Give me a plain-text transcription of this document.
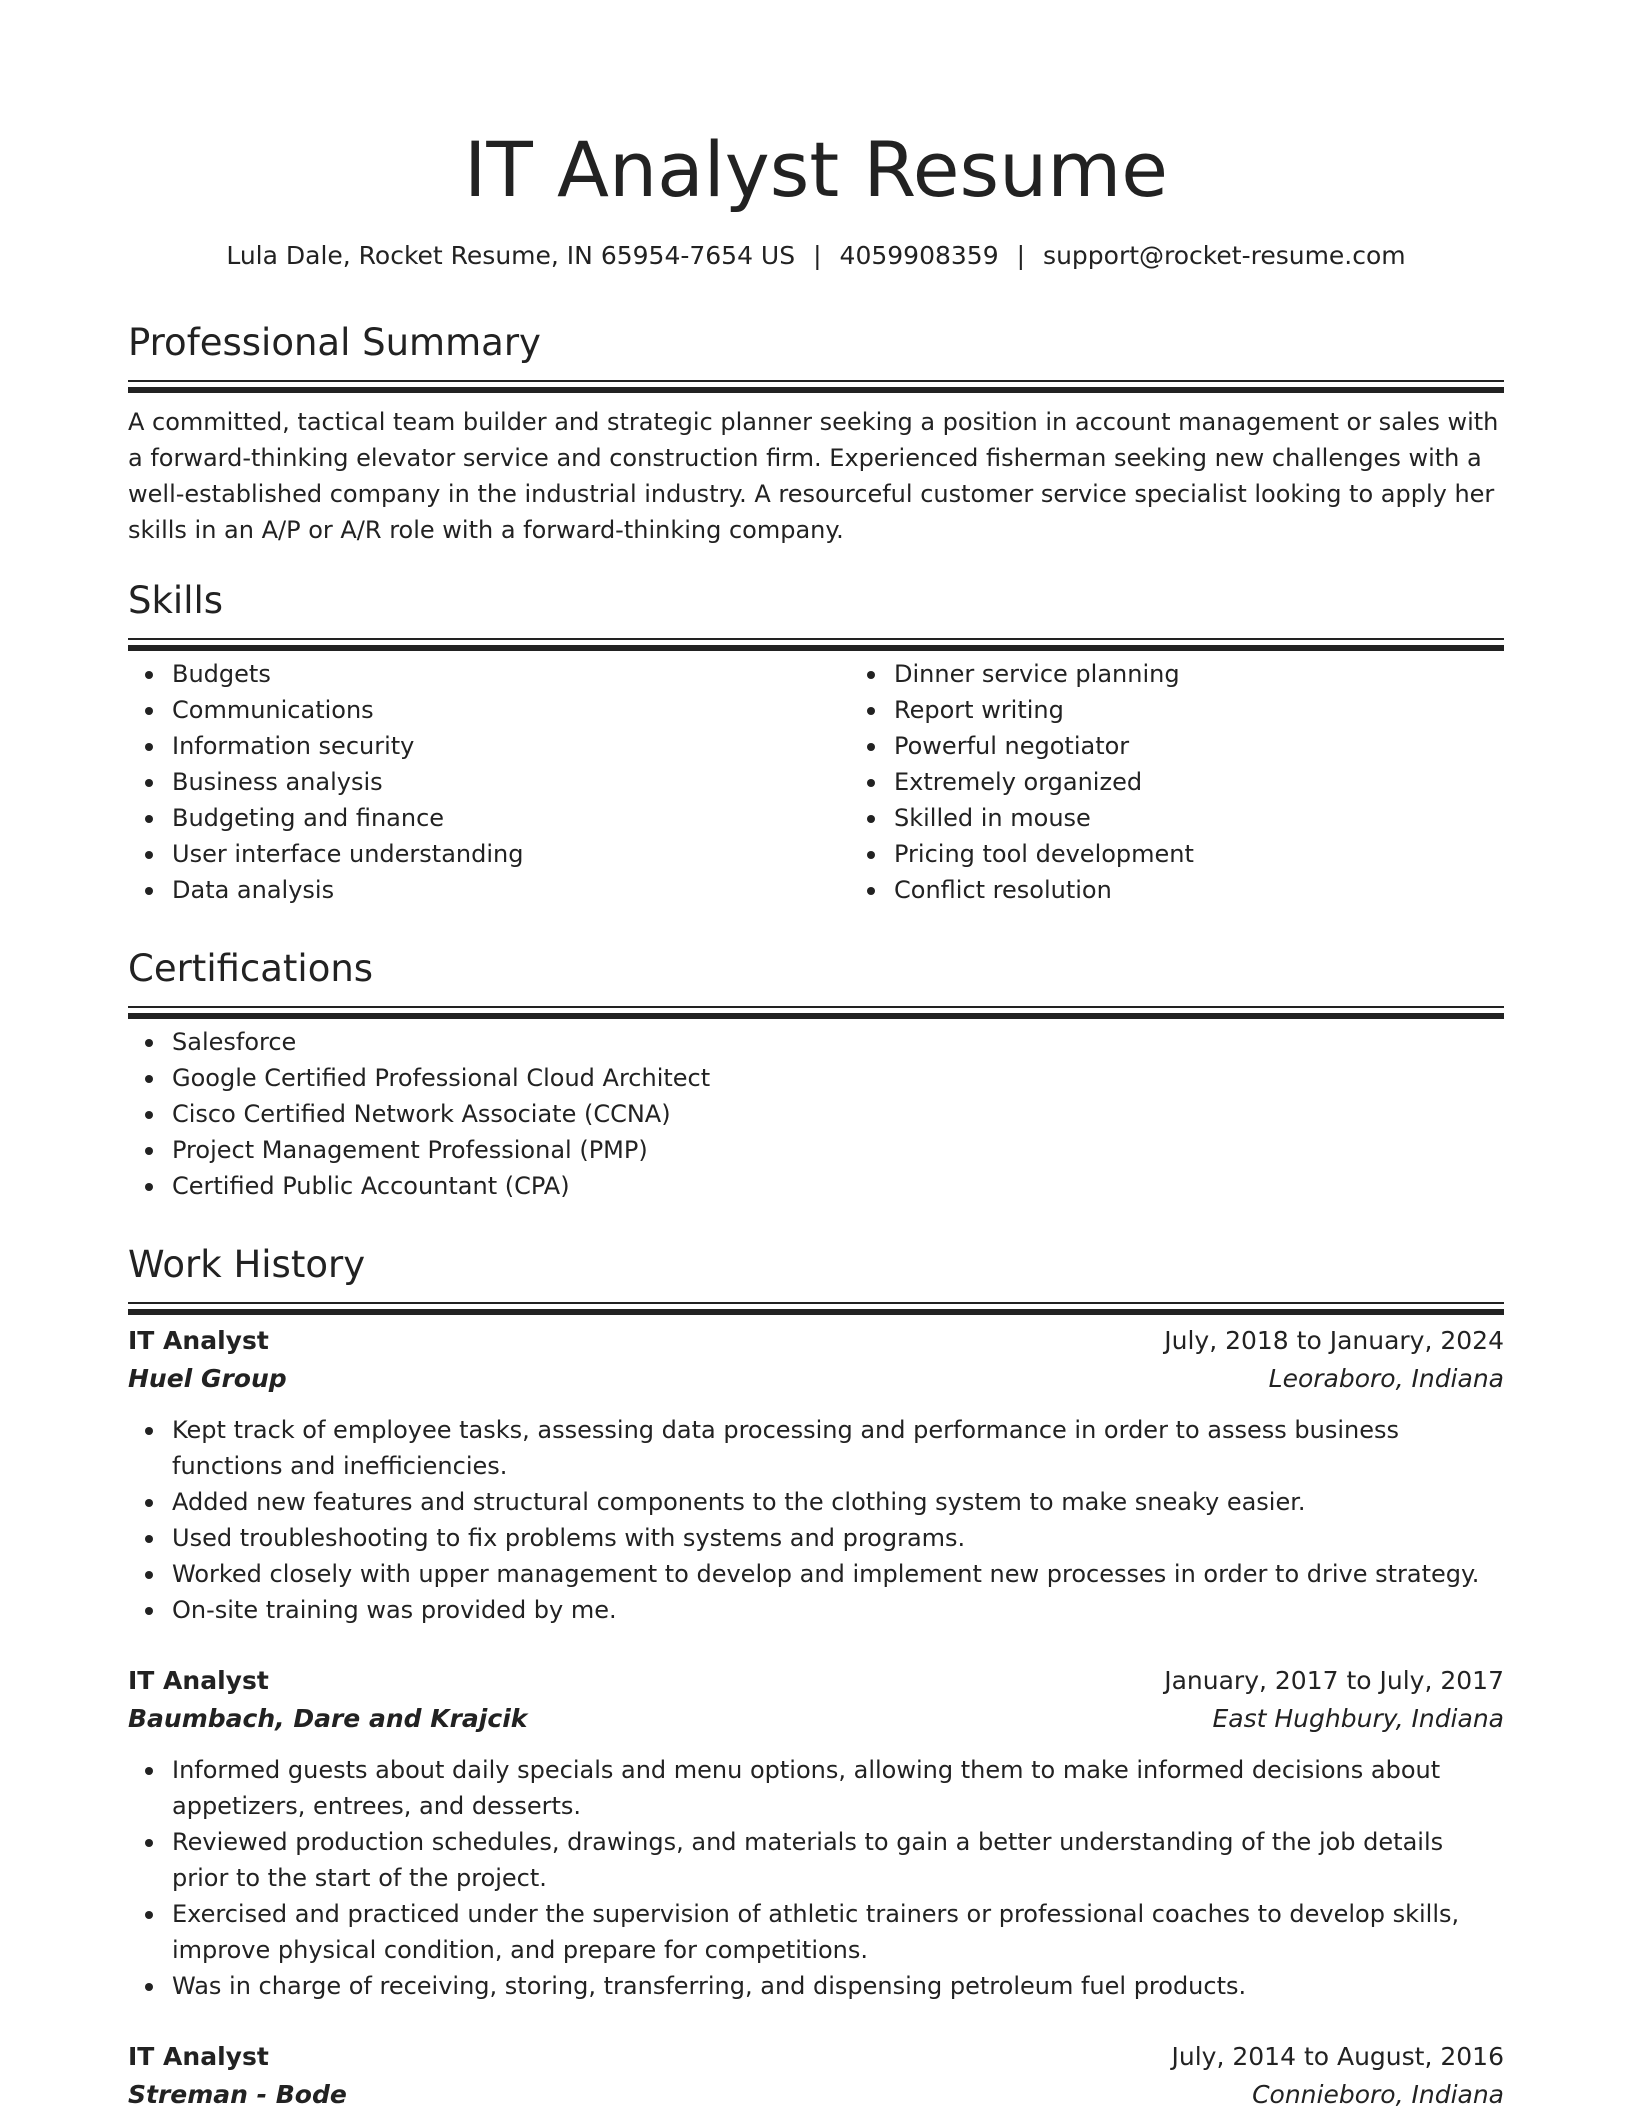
IT Analyst Resume
Lula Dale, Rocket Resume, IN 65954-7654 US | 4059908359 | support@rocket-resume.com
Professional Summary

A committed, tactical team builder and strategic planner seeking a position in account management or sales with a forward-thinking elevator service and construction firm. Experienced fisherman seeking new challenges with a well-established company in the industrial industry. A resourceful customer service specialist looking to apply her skills in an A/P or A/R role with a forward-thinking company.

Skills
Budgets
Communications
Information security
Business analysis
Budgeting and finance
User interface understanding
Data analysis
Dinner service planning
Report writing
Powerful negotiator
Extremely organized
Skilled in mouse
Pricing tool development
Conflict resolution
Certifications
Salesforce
Google Certified Professional Cloud Architect
Cisco Certified Network Associate (CCNA)
Project Management Professional (PMP)
Certified Public Accountant (CPA)
Work History
IT Analyst	July, 2018 to January, 2024
Huel Group	Leoraboro, Indiana
Kept track of employee tasks, assessing data processing and performance in order to assess business functions and inefficiencies.
Added new features and structural components to the clothing system to make sneaky easier.
Used troubleshooting to fix problems with systems and programs.
Worked closely with upper management to develop and implement new processes in order to drive strategy.
On-site training was provided by me.
IT Analyst	January, 2017 to July, 2017
Baumbach, Dare and Krajcik	East Hughbury, Indiana
Informed guests about daily specials and menu options, allowing them to make informed decisions about appetizers, entrees, and desserts.
Reviewed production schedules, drawings, and materials to gain a better understanding of the job details prior to the start of the project.
Exercised and practiced under the supervision of athletic trainers or professional coaches to develop skills, improve physical condition, and prepare for competitions.
Was in charge of receiving, storing, transferring, and dispensing petroleum fuel products.
IT Analyst	July, 2014 to August, 2016
Streman - Bode	Connieboro, Indiana
